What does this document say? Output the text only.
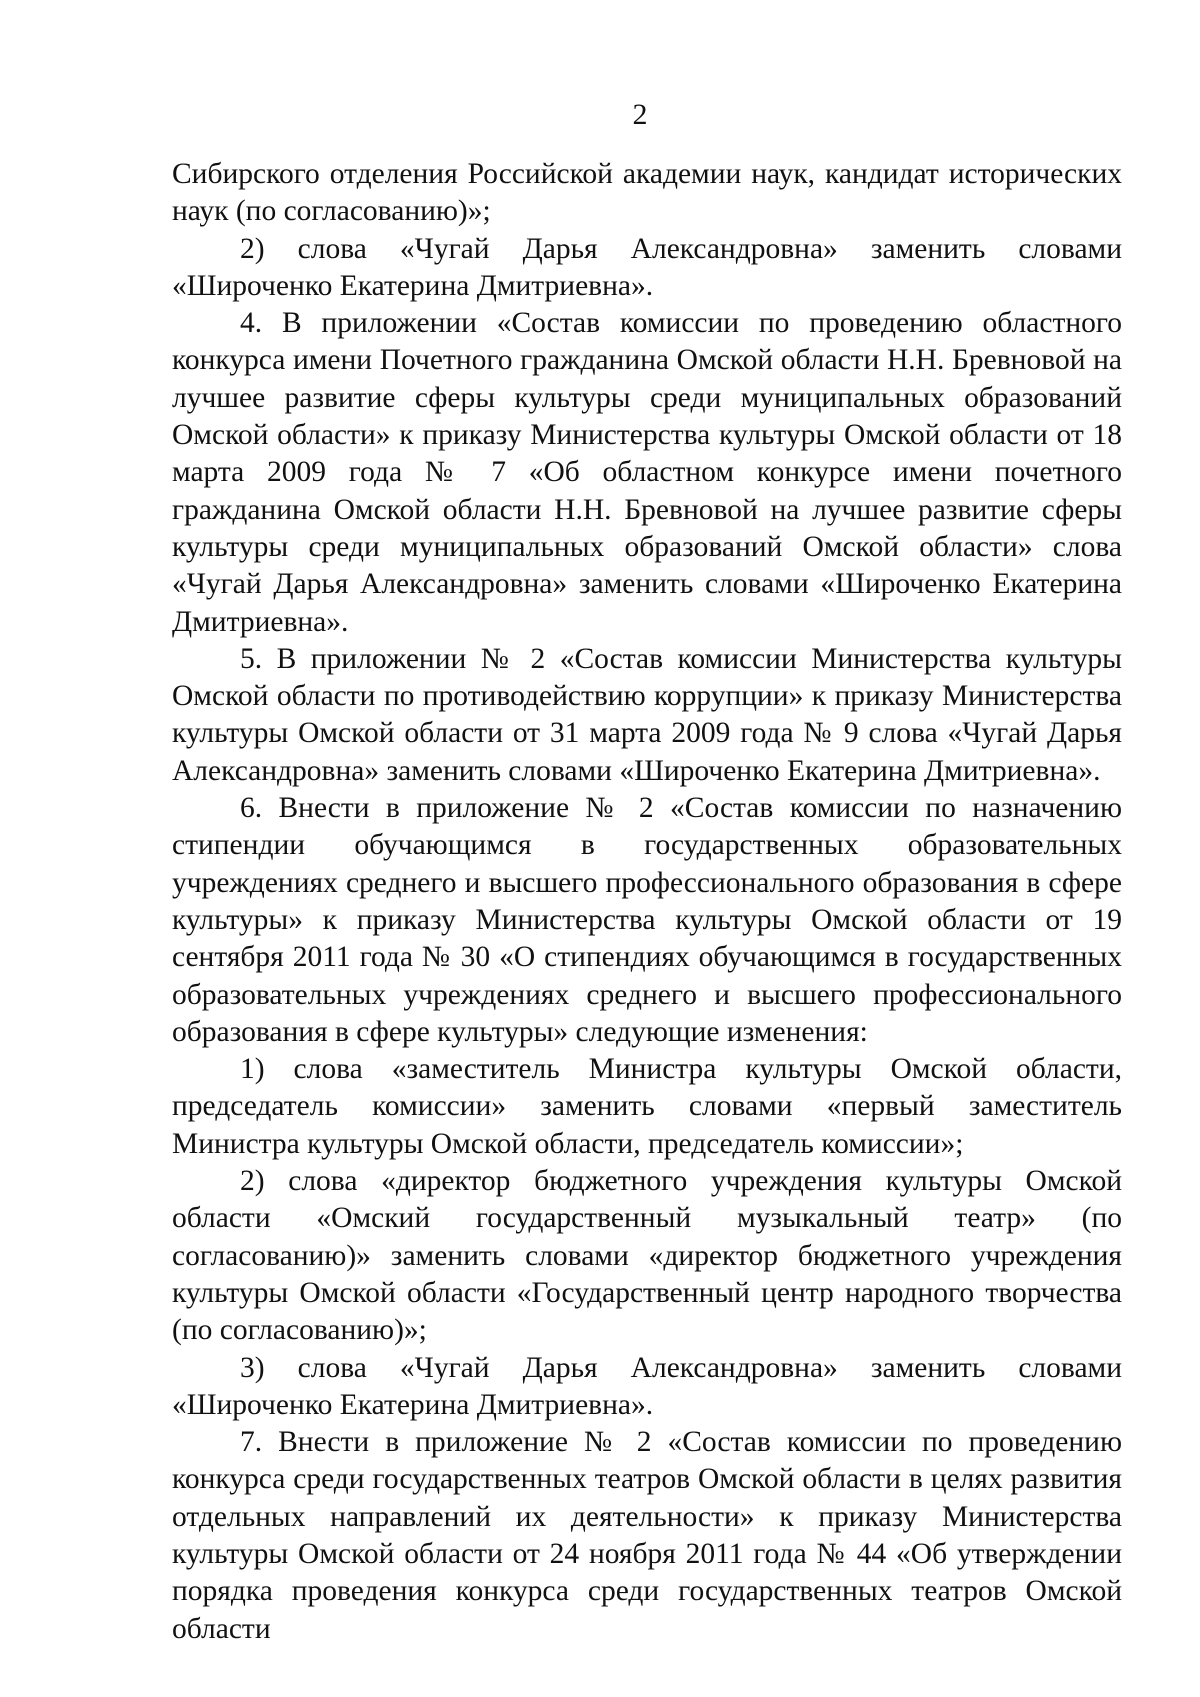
2

Сибирского отделения Российской академии наук, кандидат исторических наук (по согласованию)»;

2) слова «Чугай Дарья Александровна» заменить словами «Широченко Екатерина Дмитриевна».

4. В приложении «Состав комиссии по проведению областного конкурса имени Почетного гражданина Омской области Н.Н. Бревновой на лучшее развитие сферы культуры среди муниципальных образований Омской области» к приказу Министерства культуры Омской области от 18 марта 2009 года № 7 «Об областном конкурсе имени почетного гражданина Омской области Н.Н. Бревновой на лучшее развитие сферы культуры среди муниципальных образований Омской области» слова «Чугай Дарья Александровна» заменить словами «Широченко Екатерина Дмитриевна».

5. В приложении № 2 «Состав комиссии Министерства культуры Омской области по противодействию коррупции» к приказу Министерства культуры Омской области от 31 марта 2009 года № 9 слова «Чугай Дарья Александровна» заменить словами «Широченко Екатерина Дмитриевна».

6. Внести в приложение № 2 «Состав комиссии по назначению стипендии обучающимся в государственных образовательных учреждениях среднего и высшего профессионального образования в сфере культуры» к приказу Министерства культуры Омской области от 19 сентября 2011 года № 30 «О стипендиях обучающимся в государственных образовательных учреждениях среднего и высшего профессионального образования в сфере культуры» следующие изменения:

1) слова «заместитель Министра культуры Омской области, председатель комиссии» заменить словами «первый заместитель Министра культуры Омской области, председатель комиссии»;

2) слова «директор бюджетного учреждения культуры Омской области «Омский государственный музыкальный театр» (по согласованию)» заменить словами «директор бюджетного учреждения культуры Омской области «Государственный центр народного творчества (по согласованию)»;

3) слова «Чугай Дарья Александровна» заменить словами «Широченко Екатерина Дмитриевна».

7. Внести в приложение № 2 «Состав комиссии по проведению конкурса среди государственных театров Омской области в целях развития отдельных направлений их деятельности» к приказу Министерства культуры Омской области от 24 ноября 2011 года № 44 «Об утверждении порядка проведения конкурса среди государственных театров Омской области
